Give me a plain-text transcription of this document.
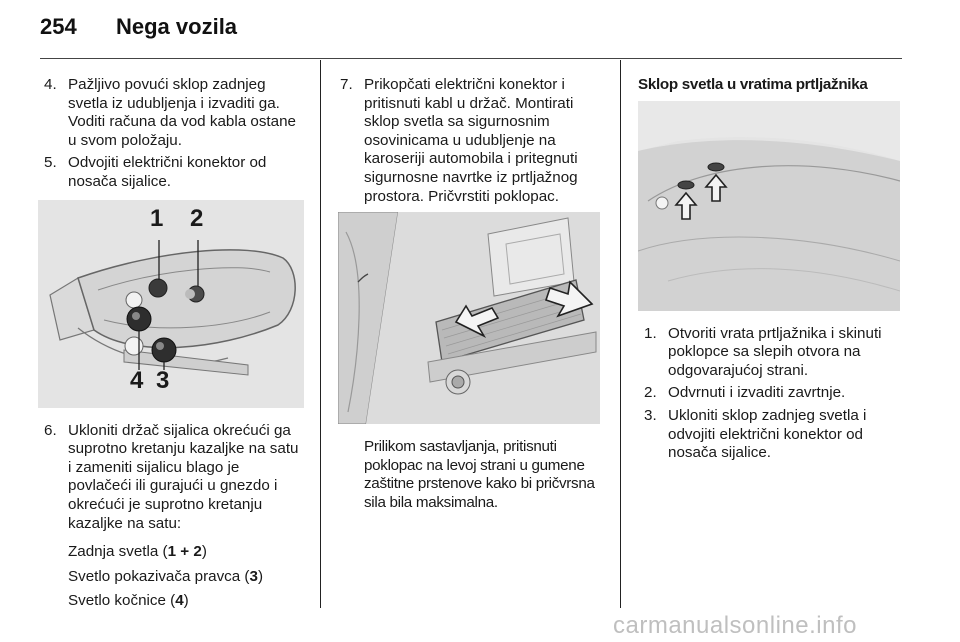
254 Nega vozila
4. Pažljivo povući sklop zadnjeg svetla iz udubljenja i izvaditi ga. Voditi računa da vod kabla ostane u svom položaju.
5. Odvojiti električni konektor od nosača sijalice.
1 2
4 3
6. Ukloniti držač sijalica okrećući ga suprotno kretanju kazaljke na satu i zameniti sijalicu blago je povlačeći ili gurajući u gnezdo i okrećući je suprotno kretanju kazaljke na satu:

Zadnja svetla (1 + 2)

Svetlo pokazivača pravca (3)

Svetlo kočnice (4)

7. Prikopčati električni konektor i pritisnuti kabl u držač. Montirati sklop svetla sa sigurnosnim osovinicama u udubljenje na karoseriji automobila i pritegnuti sigurnosne navrtke iz prtljažnog prostora. Pričvrstiti poklopac.

Prilikom sastavljanja, pritisnuti poklopac na levoj strani u gumene zaštitne prstenove kako bi pričvrsna sila bila maksimalna.

Sklop svetla u vratima prtljažnika
1. Otvoriti vrata prtljažnika i skinuti poklopce sa slepih otvora na odgovarajućoj strani.
2. Odvrnuti i izvaditi zavrtnje.
3. Ukloniti sklop zadnjeg svetla i odvojiti električni konektor od nosača sijalice.
carmanualsonline.info
